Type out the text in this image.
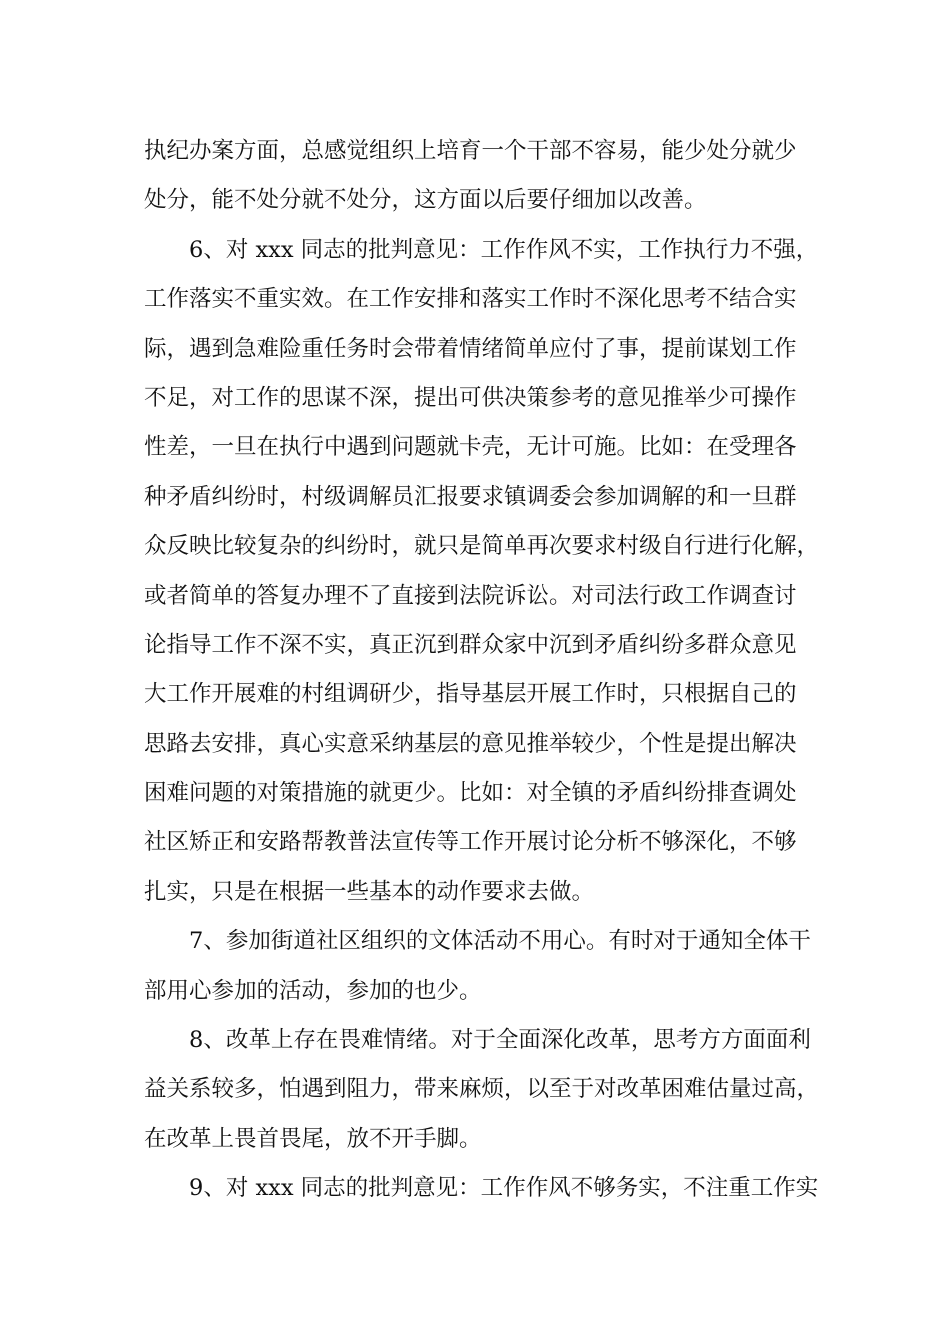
执纪办案方面，总感觉组织上培育一个干部不容易，能少处分就少
处分，能不处分就不处分，这方面以后要仔细加以改善。
6、对 xxx 同志的批判意见：工作作风不实，工作执行力不强，
工作落实不重实效。在工作安排和落实工作时不深化思考不结合实
际，遇到急难险重任务时会带着情绪简单应付了事，提前谋划工作
不足，对工作的思谋不深，提出可供决策参考的意见推举少可操作
性差，一旦在执行中遇到问题就卡壳，无计可施。比如：在受理各
种矛盾纠纷时，村级调解员汇报要求镇调委会参加调解的和一旦群
众反映比较复杂的纠纷时，就只是简单再次要求村级自行进行化解，
或者简单的答复办理不了直接到法院诉讼。对司法行政工作调查讨
论指导工作不深不实，真正沉到群众家中沉到矛盾纠纷多群众意见
大工作开展难的村组调研少，指导基层开展工作时，只根据自己的
思路去安排，真心实意采纳基层的意见推举较少，个性是提出解决
困难问题的对策措施的就更少。比如：对全镇的矛盾纠纷排查调处
社区矫正和安路帮教普法宣传等工作开展讨论分析不够深化，不够
扎实，只是在根据一些基本的动作要求去做。
7、参加街道社区组织的文体活动不用心。有时对于通知全体干
部用心参加的活动，参加的也少。
8、改革上存在畏难情绪。对于全面深化改革，思考方方面面利
益关系较多，怕遇到阻力，带来麻烦，以至于对改革困难估量过高，
在改革上畏首畏尾，放不开手脚。
9、对 xxx 同志的批判意见：工作作风不够务实，不注重工作实
